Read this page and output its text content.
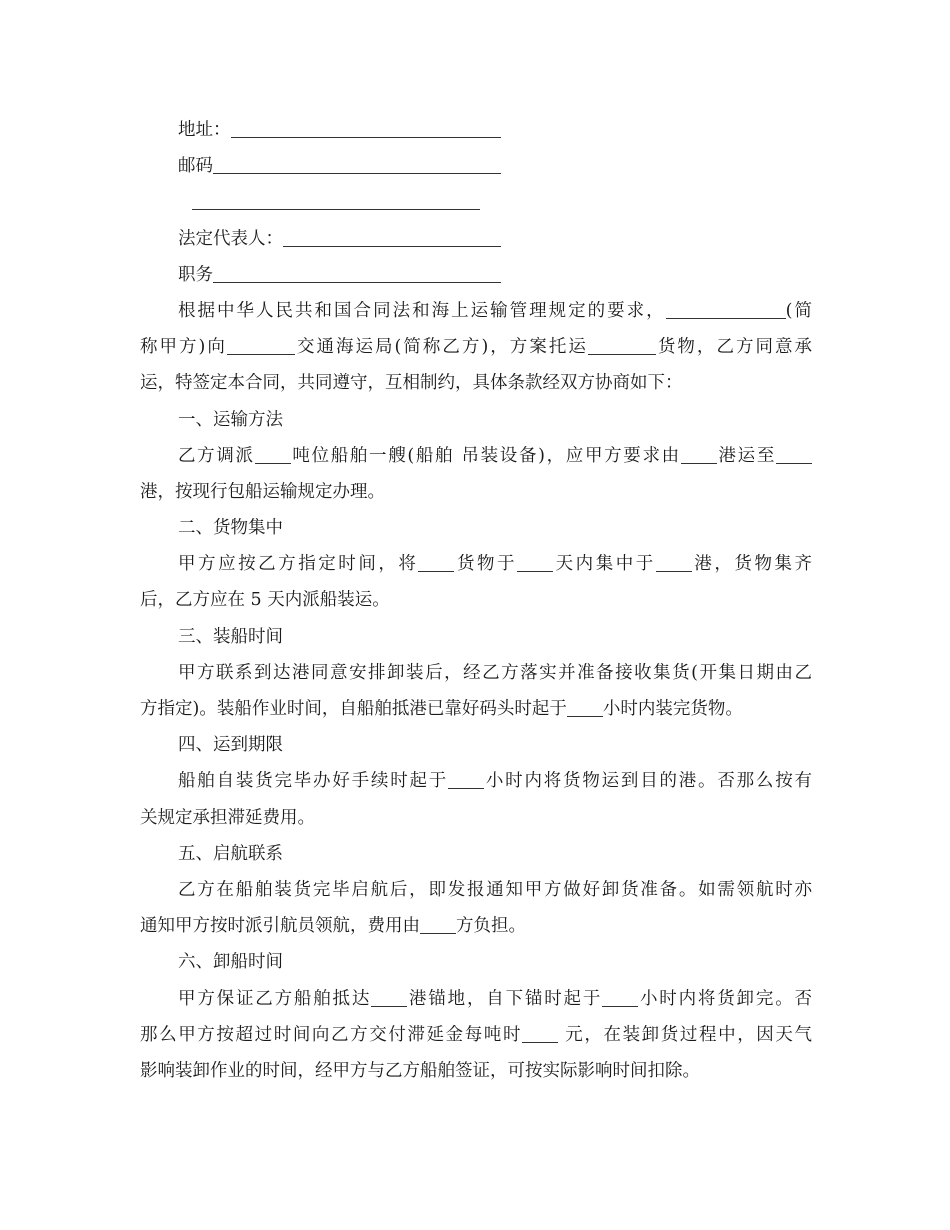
地址：
邮码
法定代表人：
职务
根据中华人民共和国合同法和海上运输管理规定的要求，	(简
称甲方)向	交通海运局(简称乙方)，方案托运	货物，乙方同意承
运，特签定本合同，共同遵守，互相制约，具体条款经双方协商如下：
一、运输方法
乙方调派 吨位船舶一艘(船舶 吊装设备)，应甲方要求由 港运至
港，按现行包船运输规定办理。
二、货物集中
甲方应按乙方指定时间，将 货物于 天内集中于 港，货物集齐
后，乙方应在 5 天内派船装运。
三、装船时间
甲方联系到达港同意安排卸装后，经乙方落实并准备接收集货(开集日期由乙
方指定)。装船作业时间，自船舶抵港已靠好码头时起于 小时内装完货物。
四、运到期限
船舶自装货完毕办好手续时起于 小时内将货物运到目的港。否那么按有
关规定承担滞延费用。
五、启航联系
乙方在船舶装货完毕启航后，即发报通知甲方做好卸货准备。如需领航时亦
通知甲方按时派引航员领航，费用由 方负担。
六、卸船时间
甲方保证乙方船舶抵达 港锚地，自下锚时起于 小时内将货卸完。否
那么甲方按超过时间向乙方交付滞延金每吨时 元，在装卸货过程中，因天气
影响装卸作业的时间，经甲方与乙方船舶签证，可按实际影响时间扣除。
